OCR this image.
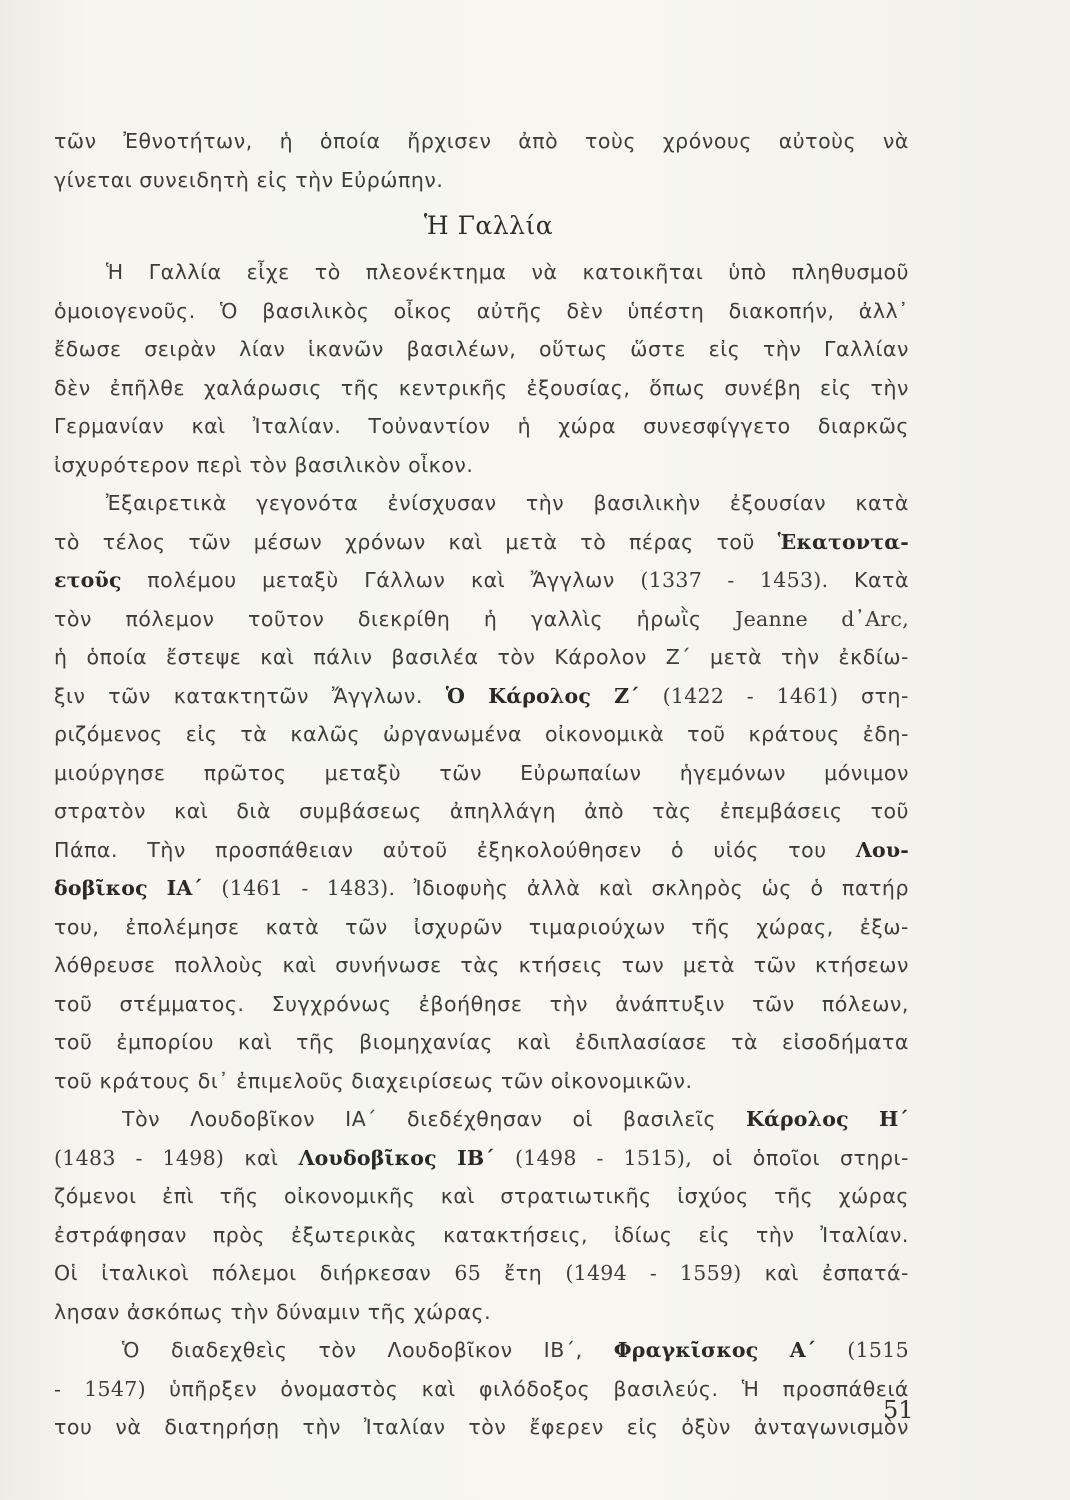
τῶν Ἐθνοτήτων, ἡ ὁποία ἤρχισεν ἀπὸ τοὺς χρόνους αὐτοὺς νὰ
γίνεται συνειδητὴ εἰς τὴν Εὐρώπην.
Ἡ Γαλλία
Ἡ Γαλλία εἶχε τὸ πλεονέκτημα νὰ κατοικῆται ὑπὸ πληθυσμοῦ
ὁμοιογενοῦς. Ὁ βασιλικὸς οἶκος αὐτῆς δὲν ὑπέστη διακοπήν, ἀλλ᾿
ἔδωσε σειρὰν λίαν ἱκανῶν βασιλέων, οὕτως ὥστε εἰς τὴν Γαλλίαν
δὲν ἐπῆλθε χαλάρωσις τῆς κεντρικῆς ἐξουσίας, ὅπως συνέβη εἰς τὴν
Γερμανίαν καὶ Ἰταλίαν. Τοὐναντίον ἡ χώρα συνεσφίγγετο διαρκῶς
ἰσχυρότερον περὶ τὸν βασιλικὸν οἶκον.
Ἐξαιρετικὰ γεγονότα ἐνίσχυσαν τὴν βασιλικὴν ἐξουσίαν κατὰ
τὸ τέλος τῶν μέσων χρόνων καὶ μετὰ τὸ πέρας τοῦ Ἑκατοντα-
ετοῦς πολέμου μεταξὺ Γάλλων καὶ Ἄγγλων (1337 - 1453). Κατὰ
τὸν πόλεμον τοῦτον διεκρίθη ἡ γαλλὶς ἡρωῒς Jeanne d᾿Arc,
ἡ ὁποία ἔστεψε καὶ πάλιν βασιλέα τὸν Κάρολον Ζ΄ μετὰ τὴν ἐκδίω-
ξιν τῶν κατακτητῶν Ἄγγλων. Ὁ Κάρολος Ζ΄ (1422 - 1461) στη-
ριζόμενος εἰς τὰ καλῶς ὠργανωμένα οἰκονομικὰ τοῦ κράτους ἐδη-
μιούργησε πρῶτος μεταξὺ τῶν Εὐρωπαίων ἡγεμόνων μόνιμον
στρατὸν καὶ διὰ συμβάσεως ἀπηλλάγη ἀπὸ τὰς ἐπεμβάσεις τοῦ
Πάπα. Τὴν προσπάθειαν αὐτοῦ ἐξηκολούθησεν ὁ υἱός του Λου-
δοβῖκος ΙΑ΄ (1461 - 1483). Ἰδιοφυὴς ἀλλὰ καὶ σκληρὸς ὡς ὁ πατήρ
του, ἐπολέμησε κατὰ τῶν ἰσχυρῶν τιμαριούχων τῆς χώρας, ἐξω-
λόθρευσε πολλοὺς καὶ συνήνωσε τὰς κτήσεις των μετὰ τῶν κτήσεων
τοῦ στέμματος. Συγχρόνως ἐβοήθησε τὴν ἀνάπτυξιν τῶν πόλεων,
τοῦ ἐμπορίου καὶ τῆς βιομηχανίας καὶ ἐδιπλασίασε τὰ εἰσοδήματα
τοῦ κράτους δι᾿ ἐπιμελοῦς διαχειρίσεως τῶν οἰκονομικῶν.
Τὸν Λουδοβῖκον ΙΑ΄ διεδέχθησαν οἱ βασιλεῖς Κάρολος Η΄
(1483 - 1498) καὶ Λουδοβῖκος ΙΒ΄ (1498 - 1515), οἱ ὁποῖοι στηρι-
ζόμενοι ἐπὶ τῆς οἰκονομικῆς καὶ στρατιωτικῆς ἰσχύος τῆς χώρας
ἐστράφησαν πρὸς ἐξωτερικὰς κατακτήσεις, ἰδίως εἰς τὴν Ἰταλίαν.
Οἱ ἰταλικοὶ πόλεμοι διήρκεσαν 65 ἔτη (1494 - 1559) καὶ ἐσπατά-
λησαν ἀσκόπως τὴν δύναμιν τῆς χώρας.
Ὁ διαδεχθεὶς τὸν Λουδοβῖκον ΙΒ΄, Φραγκῖσκος Α΄ (1515
- 1547) ὑπῆρξεν ὀνομαστὸς καὶ φιλόδοξος βασιλεύς. Ἡ προσπάθειά
του νὰ διατηρήσῃ τὴν Ἰταλίαν τὸν ἔφερεν εἰς ὀξὺν ἀνταγωνισμὸν
51
